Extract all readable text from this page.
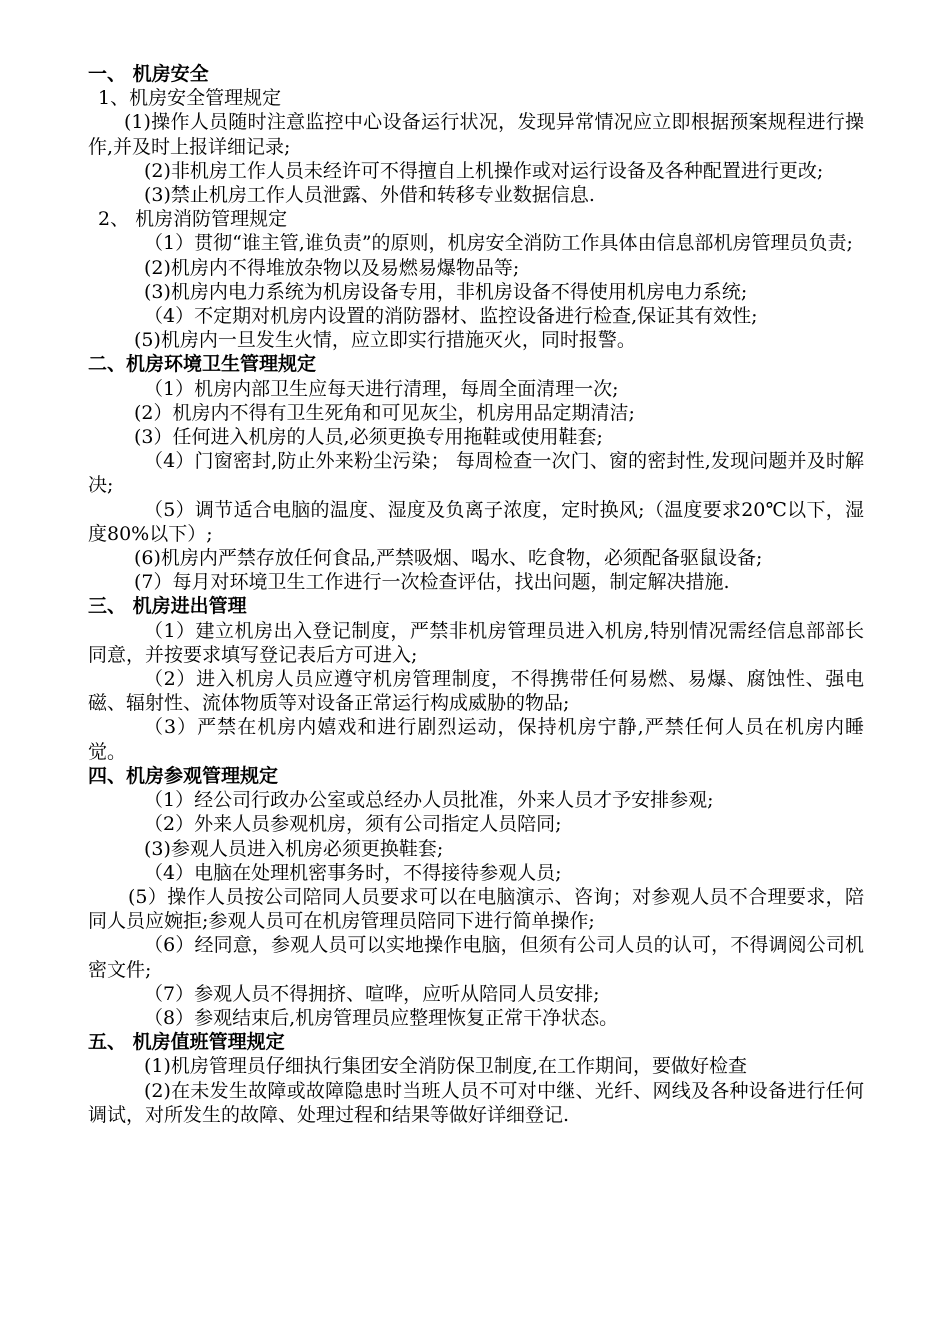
一、 机房安全

1、机房安全管理规定

(1)操作人员随时注意监控中心设备运行状况，发现异常情况应立即根据预案规程进行操作,并及时上报详细记录;

(2)非机房工作人员未经许可不得擅自上机操作或对运行设备及各种配置进行更改;

(3)禁止机房工作人员泄露、外借和转移专业数据信息.

2、 机房消防管理规定

（1）贯彻“谁主管,谁负责”的原则，机房安全消防工作具体由信息部机房管理员负责;

(2)机房内不得堆放杂物以及易燃易爆物品等;

(3)机房内电力系统为机房设备专用，非机房设备不得使用机房电力系统;

（4）不定期对机房内设置的消防器材、监控设备进行检查,保证其有效性;

(5)机房内一旦发生火情，应立即实行措施灭火，同时报警。

二、机房环境卫生管理规定

（1）机房内部卫生应每天进行清理，每周全面清理一次;

(2）机房内不得有卫生死角和可见灰尘，机房用品定期清洁;

(3）任何进入机房的人员,必须更换专用拖鞋或使用鞋套;

（4）门窗密封,防止外来粉尘污染； 每周检查一次门、窗的密封性,发现问题并及时解决;

（5）调节适合电脑的温度、湿度及负离子浓度，定时换风;（温度要求20℃以下，湿度80%以下）;

(6)机房内严禁存放任何食品,严禁吸烟、喝水、吃食物，必须配备驱鼠设备;

(7）每月对环境卫生工作进行一次检查评估，找出问题，制定解决措施.

三、 机房进出管理

（1）建立机房出入登记制度，严禁非机房管理员进入机房,特别情况需经信息部部长同意，并按要求填写登记表后方可进入;

（2）进入机房人员应遵守机房管理制度，不得携带任何易燃、易爆、腐蚀性、强电磁、辐射性、流体物质等对设备正常运行构成威胁的物品;

（3）严禁在机房内嬉戏和进行剧烈运动，保持机房宁静,严禁任何人员在机房内睡觉。

四、机房参观管理规定

（1）经公司行政办公室或总经办人员批准，外来人员才予安排参观;

（2）外来人员参观机房，须有公司指定人员陪同;

(3)参观人员进入机房必须更换鞋套;

（4）电脑在处理机密事务时，不得接待参观人员;

(5）操作人员按公司陪同人员要求可以在电脑演示、咨询；对参观人员不合理要求，陪同人员应婉拒;参观人员可在机房管理员陪同下进行简单操作;

（6）经同意，参观人员可以实地操作电脑，但须有公司人员的认可，不得调阅公司机密文件;

（7）参观人员不得拥挤、喧哗，应听从陪同人员安排;

（8）参观结束后,机房管理员应整理恢复正常干净状态。

五、 机房值班管理规定

(1)机房管理员仔细执行集团安全消防保卫制度,在工作期间，要做好检查

(2)在未发生故障或故障隐患时当班人员不可对中继、光纤、网线及各种设备进行任何调试，对所发生的故障、处理过程和结果等做好详细登记.
